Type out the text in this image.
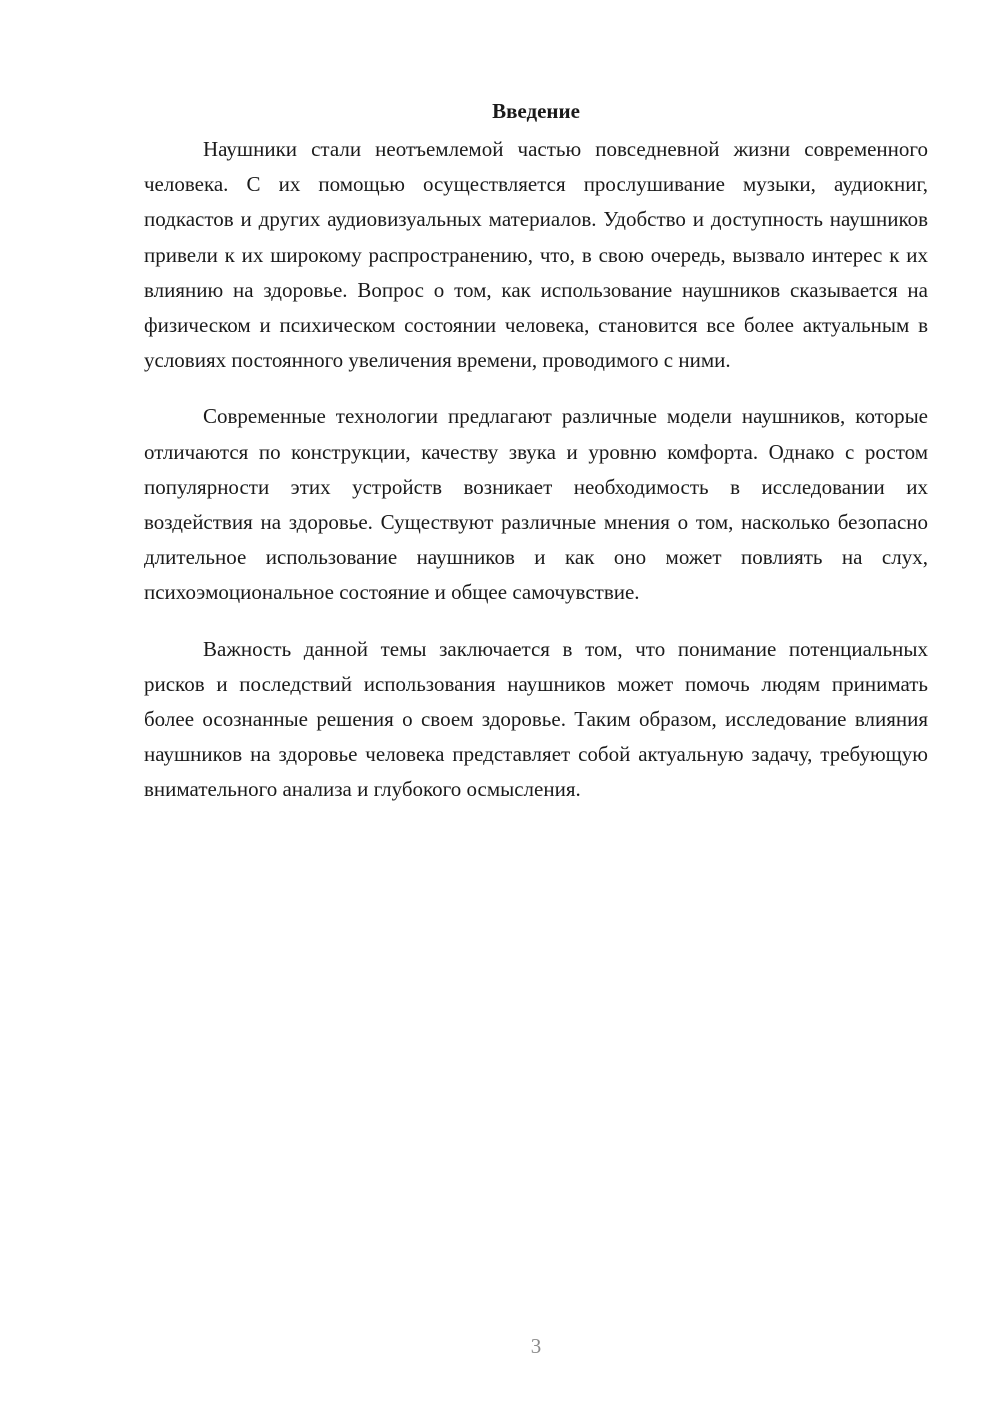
Введение

Наушники стали неотъемлемой частью повседневной жизни современного человека. С их помощью осуществляется прослушивание музыки, аудиокниг, подкастов и других аудиовизуальных материалов. Удобство и доступность наушников привели к их широкому распространению, что, в свою очередь, вызвало интерес к их влиянию на здоровье. Вопрос о том, как использование наушников сказывается на физическом и психическом состоянии человека, становится все более актуальным в условиях постоянного увеличения времени, проводимого с ними.

Современные технологии предлагают различные модели наушников, которые отличаются по конструкции, качеству звука и уровню комфорта. Однако с ростом популярности этих устройств возникает необходимость в исследовании их воздействия на здоровье. Существуют различные мнения о том, насколько безопасно длительное использование наушников и как оно может повлиять на слух, психоэмоциональное состояние и общее самочувствие.

Важность данной темы заключается в том, что понимание потенциальных рисков и последствий использования наушников может помочь людям принимать более осознанные решения о своем здоровье. Таким образом, исследование влияния наушников на здоровье человека представляет собой актуальную задачу, требующую внимательного анализа и глубокого осмысления.

3
